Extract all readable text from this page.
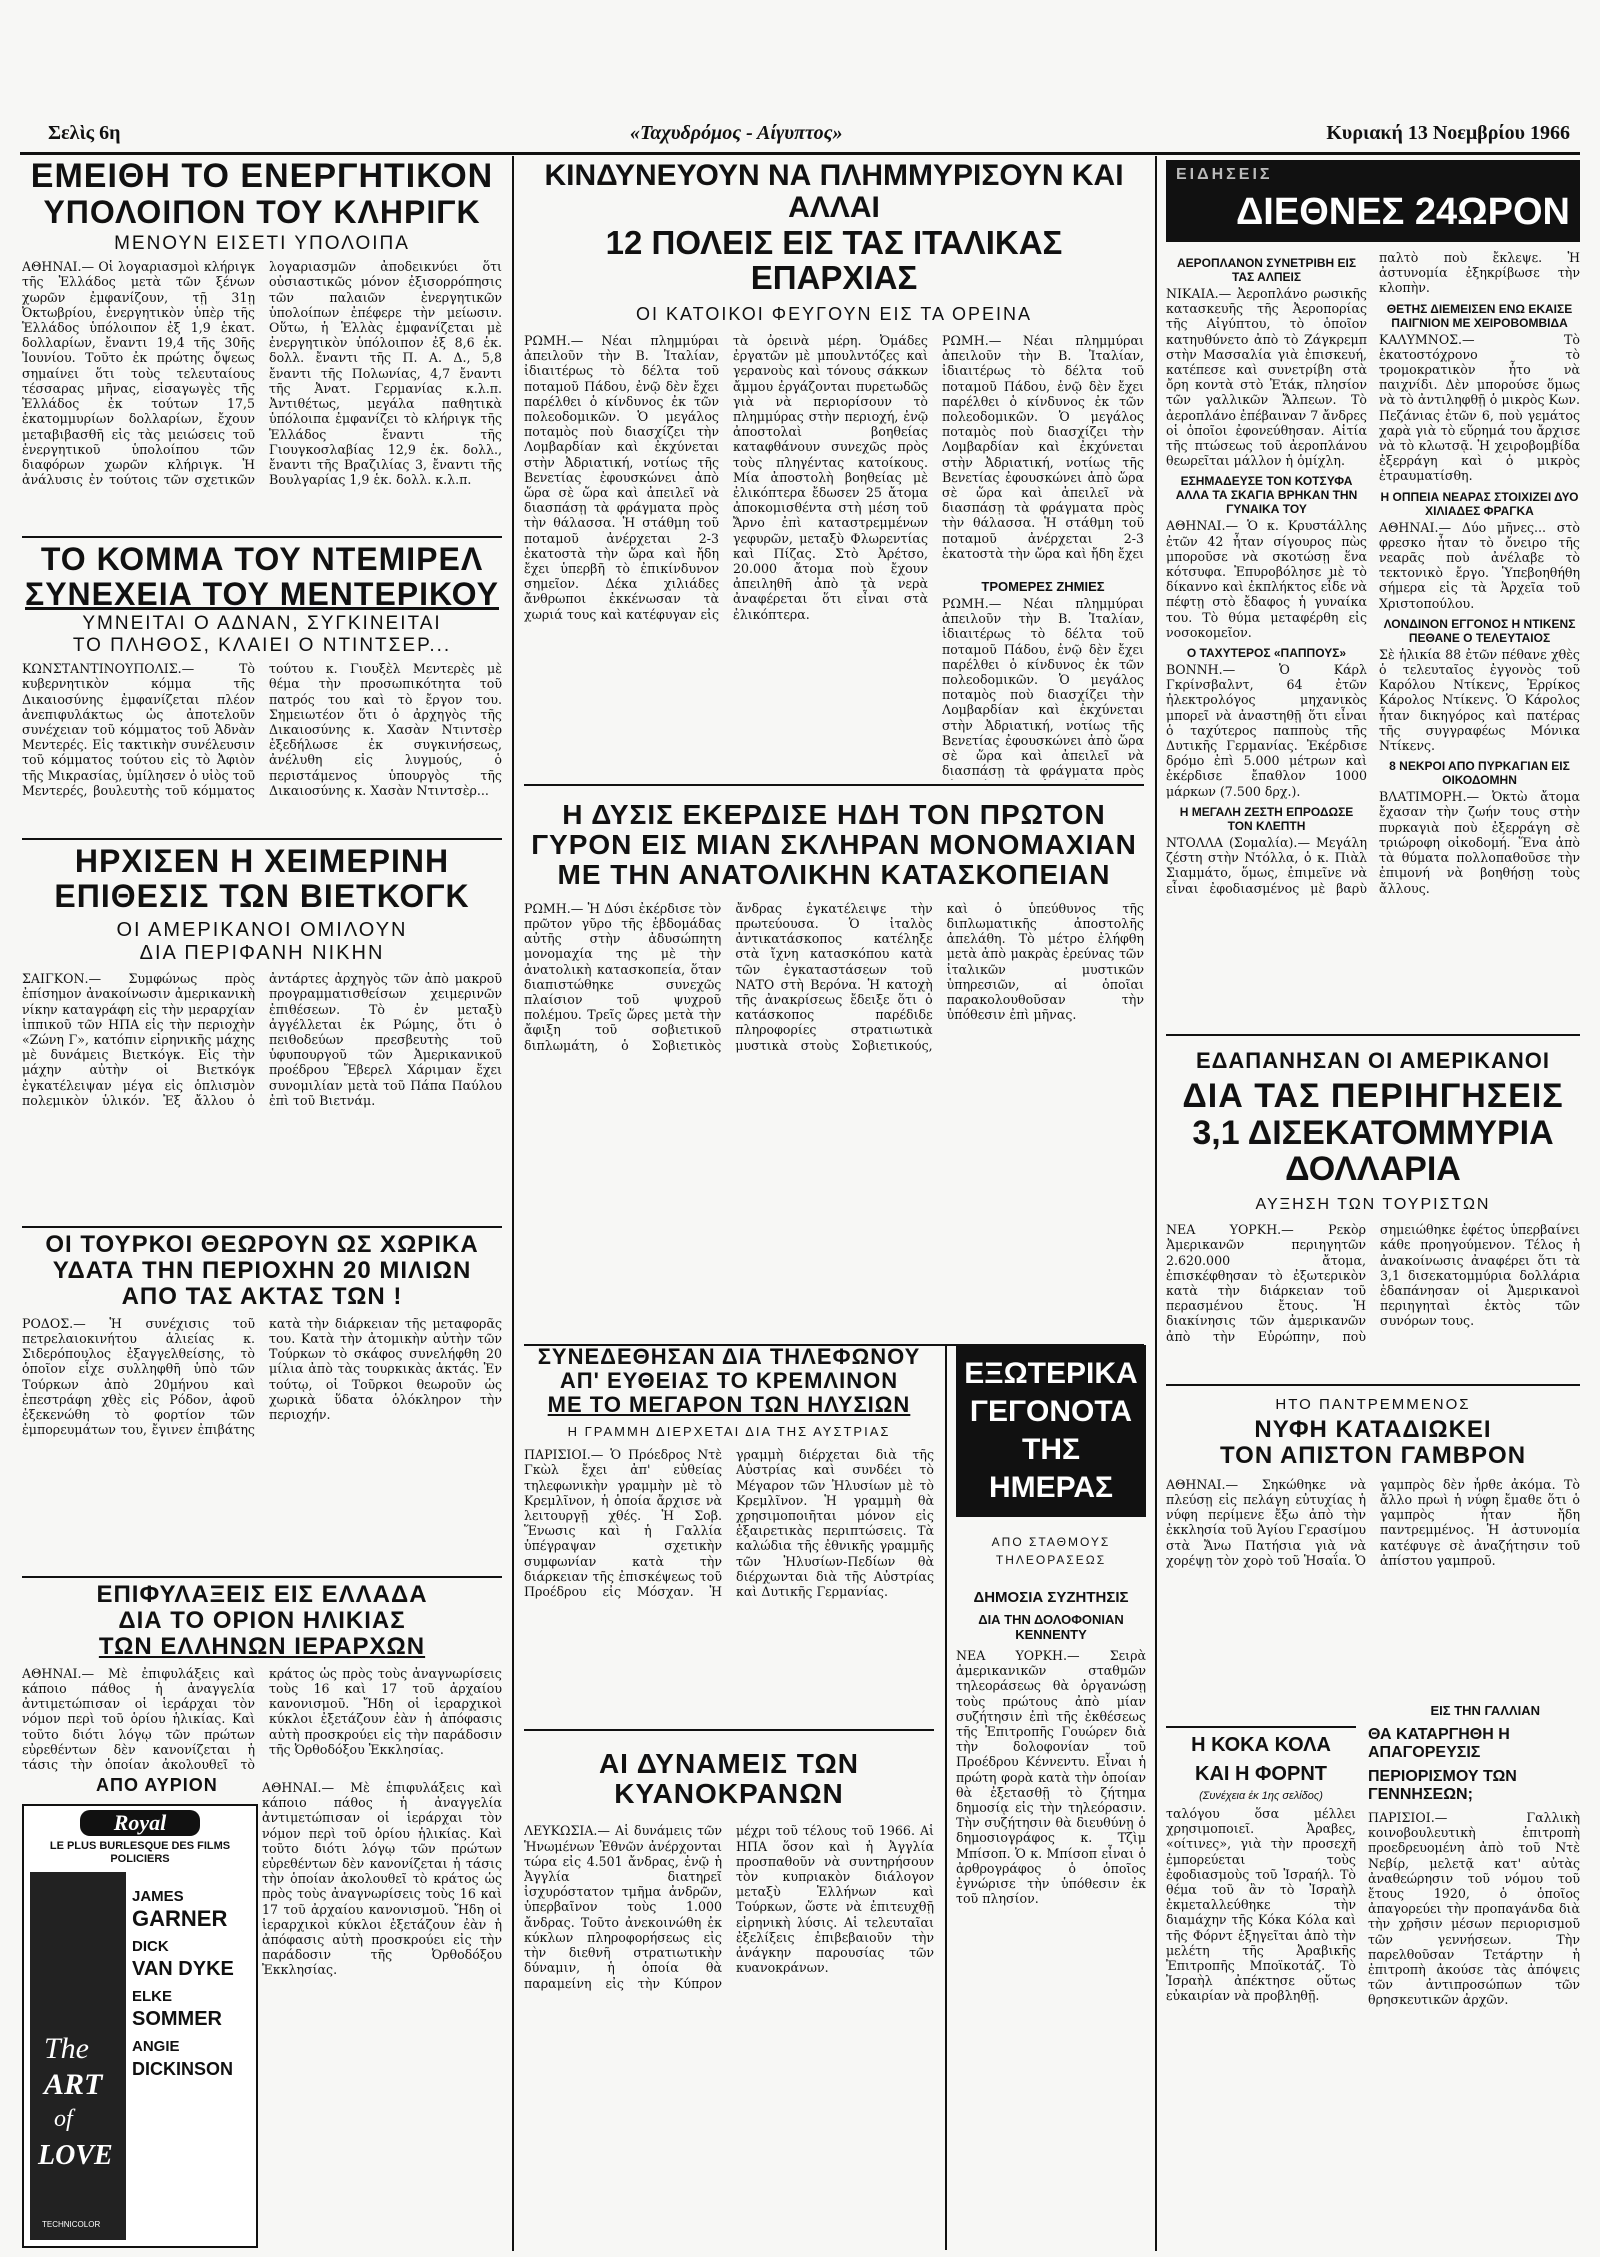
Σελὶς 6η	«Ταχυδρόμος - Αίγυπτος»	Κυριακή 13 Νοεμβρίου 1966
ΕΜΕΙΘΗ ΤΟ ΕΝΕΡΓΗΤΙΚΟΝ
ΥΠΟΛΟΙΠΟΝ ΤΟΥ ΚΛΗΡΙΓΚ
ΜΕΝΟΥΝ ΕΙΣΕΤΙ ΥΠΟΛΟΙΠΑ

ΑΘΗΝΑΙ.— Οἱ λογαριασμοὶ κλήριγκ τῆς Ἑλλάδος μετὰ τῶν ξένων χωρῶν ἐμφανίζουν, τῇ 31ῃ Ὀκτωβρίου, ἐνεργητικὸν ὑπὲρ τῆς Ἑλλάδος ὑπόλοιπον ἐξ 1,9 ἑκατ. δολλαρίων, ἔναντι 19,4 τῆς 30ῆς Ἰουνίου. Τοῦτο ἐκ πρώτης ὄψεως σημαίνει ὅτι τοὺς τελευταίους τέσσαρας μῆνας, εἰσαγωγὲς τῆς Ἑλλάδος ἐκ τούτων 17,5 ἑκατομμυρίων δολλαρίων, ἔχουν μεταβιβασθῆ εἰς τὰς μειώσεις τοῦ ἐνεργητικοῦ ὑπολοίπου τῶν διαφόρων χωρῶν κλήριγκ. Ἡ ἀνάλυσις ἐν τούτοις τῶν σχετικῶν λογαριασμῶν ἀποδεικνύει ὅτι οὐσιαστικῶς μόνον ἐξισορρόπησις τῶν παλαιῶν ἐνεργητικῶν ὑπολοίπων ἐπέφερε τὴν μείωσιν. Οὕτω, ἡ Ἑλλὰς ἐμφανίζεται μὲ ἐνεργητικὸν ὑπόλοιπον ἐξ 8,6 ἑκ. δολλ. ἔναντι τῆς Π. Α. Δ., 5,8 ἔναντι τῆς Πολωνίας, 4,7 ἔναντι τῆς Ἀνατ. Γερμανίας κ.λ.π. Ἀντιθέτως, μεγάλα παθητικὰ ὑπόλοιπα ἐμφανίζει τὸ κλήριγκ τῆς Ἑλλάδος ἔναντι τῆς Γιουγκοσλαβίας 12,9 ἑκ. δολλ., ἔναντι τῆς Βραζιλίας 3, ἔναντι τῆς Βουλγαρίας 1,9 ἑκ. δολλ. κ.λ.π.

ΤΟ ΚΟΜΜΑ ΤΟΥ ΝΤΕΜΙΡΕΛ
ΣΥΝΕΧΕΙΑ ΤΟΥ ΜΕΝΤΕΡΙΚΟΥ
ΥΜΝΕΙΤΑΙ Ο ΑΔΝΑΝ, ΣΥΓΚΙΝΕΙΤΑΙ
ΤΟ ΠΛΗΘΟΣ, ΚΛΑΙΕΙ Ο ΝΤΙΝΤΣΕΡ...

ΚΩΝΣΤΑΝΤΙΝΟΥΠΟΛΙΣ.— Τὸ κυβερνητικὸν κόμμα τῆς Δικαιοσύνης ἐμφανίζεται πλέον ἀνεπιφυλάκτως ὡς ἀποτελοῦν συνέχειαν τοῦ κόμματος τοῦ Ἀδνὰν Μεντερές. Εἰς τακτικὴν συνέλευσιν τοῦ κόμματος τούτου εἰς τὸ Ἀφιὸν τῆς Μικρασίας, ὑμίλησεν ὁ υἱὸς τοῦ Μεντερές, βουλευτὴς τοῦ κόμματος τούτου κ. Γιουξὲλ Μεντερὲς μὲ θέμα τὴν προσωπικότητα τοῦ πατρός του καὶ τὸ ἔργον του. Σημειωτέον ὅτι ὁ ἀρχηγὸς τῆς Δικαιοσύνης κ. Χασὰν Ντιντσὲρ ἐξεδήλωσε ἐκ συγκινήσεως, ἀνέλυθη εἰς λυγμούς, ὁ περιστάμενος ὑπουργὸς τῆς Δικαιοσύνης κ. Χασὰν Ντιντσὲρ...

ΗΡΧΙΣΕΝ Η ΧΕΙΜΕΡΙΝΗ
ΕΠΙΘΕΣΙΣ ΤΩΝ ΒΙΕΤΚΟΓΚ
ΟΙ ΑΜΕΡΙΚΑΝΟΙ ΟΜΙΛΟΥΝ
ΔΙΑ ΠΕΡΙΦΑΝΗ ΝΙΚΗΝ

ΣΑΙΓΚΟΝ.— Συμφώνως πρὸς ἐπίσημον ἀνακοίνωσιν ἀμερικανικὴ νίκην καταγράφη εἰς τὴν μεραρχίαν ἱππικοῦ τῶν ΗΠΑ εἰς τὴν περιοχὴν «Ζώνη Γ», κατόπιν εἰρηνικῆς μάχης μὲ δυνάμεις Βιετκόγκ. Εἰς τὴν μάχην αὐτὴν οἱ Βιετκόγκ ἐγκατέλειψαν μέγα εἰς ὁπλισμὸν πολεμικὸν ὑλικόν. Ἐξ ἄλλου ὁ ἀντάρτες ἀρχηγὸς τῶν ἀπὸ μακροῦ προγραμματισθείσων χειμερινῶν ἐπιθέσεων. Τὸ ἐν μεταξὺ ἀγγέλλεται ἐκ Ρώμης, ὅτι ὁ πειθοδεύων πρεσβευτὴς τοῦ ὑφυπουργοῦ τῶν Ἀμερικανικοῦ προέδρου Ἔβερελ Χάριμαν ἔχει συνομιλίαν μετὰ τοῦ Πάπα Παύλου ἐπὶ τοῦ Βιετνάμ.

ΟΙ ΤΟΥΡΚΟΙ ΘΕΩΡΟΥΝ ΩΣ ΧΩΡΙΚΑ
ΥΔΑΤΑ ΤΗΝ ΠΕΡΙΟΧΗΝ 20 ΜΙΛΙΩΝ
ΑΠΟ ΤΑΣ ΑΚΤΑΣ ΤΩΝ !

ΡΟΔΟΣ.— Ἡ συνέχισις τοῦ πετρελαιοκινήτου ἁλιείας κ. Σιδερόπουλος ἐξαγγελθείσης, τὸ ὁποῖον εἶχε συλληφθῆ ὑπὸ τῶν Τούρκων ἀπὸ 20μήνου καὶ ἐπεστράφη χθὲς εἰς Ρόδον, ἀφοῦ ἐξεκενώθη τὸ φορτίον τῶν ἐμπορευμάτων του, ἔγινεν ἐπιβάτης κατὰ τὴν διάρκειαν τῆς μεταφορᾶς του. Κατὰ τὴν ἀτομικὴν αὐτὴν τῶν Τούρκων τὸ σκάφος συνελήφθη 20 μίλια ἀπὸ τὰς τουρκικὰς ἀκτάς. Ἐν τούτῳ, οἱ Τοῦρκοι θεωροῦν ὡς χωρικὰ ὕδατα ὁλόκληρον τὴν περιοχήν.

ΕΠΙΦΥΛΑΞΕΙΣ ΕΙΣ ΕΛΛΑΔΑ
ΔΙΑ ΤΟ ΟΡΙΟΝ ΗΛΙΚΙΑΣ
ΤΩΝ ΕΛΛΗΝΩΝ ΙΕΡΑΡΧΩΝ

ΑΘΗΝΑΙ.— Μὲ ἐπιφυλάξεις καὶ κάποιο πάθος ἡ ἀναγγελία ἀντιμετώπισαν οἱ ἱεράρχαι τὸν νόμον περὶ τοῦ ὁρίου ἡλικίας. Καὶ τοῦτο διότι λόγῳ τῶν πρώτων εὐρεθέντων δὲν κανονίζεται ἡ τάσις τὴν ὁποίαν ἀκολουθεῖ τὸ κράτος ὡς πρὸς τοὺς ἀναγνωρίσεις τοὺς 16 καὶ 17 τοῦ ἀρχαίου κανονισμοῦ. Ἤδη οἱ ἱεραρχικοὶ κύκλοι ἐξετάζουν ἐὰν ἡ ἀπόφασις αὐτὴ προσκρούει εἰς τὴν παράδοσιν τῆς Ὀρθοδόξου Ἐκκλησίας.

ΑΠΟ ΑΥΡΙΟΝ
Royal
LE PLUS BURLESQUE DES FILMS POLICIERS
The
ART
of
LOVE
TECHNICOLOR
JAMES
GARNER
DICK
VAN DYKE
ELKE
SOMMER
ANGIE
DICKINSON

ΑΘΗΝΑΙ.— Μὲ ἐπιφυλάξεις καὶ κάποιο πάθος ἡ ἀναγγελία ἀντιμετώπισαν οἱ ἱεράρχαι τὸν νόμον περὶ τοῦ ὁρίου ἡλικίας. Καὶ τοῦτο διότι λόγῳ τῶν πρώτων εὐρεθέντων δὲν κανονίζεται ἡ τάσις τὴν ὁποίαν ἀκολουθεῖ τὸ κράτος ὡς πρὸς τοὺς ἀναγνωρίσεις τοὺς 16 καὶ 17 τοῦ ἀρχαίου κανονισμοῦ. Ἤδη οἱ ἱεραρχικοὶ κύκλοι ἐξετάζουν ἐὰν ἡ ἀπόφασις αὐτὴ προσκρούει εἰς τὴν παράδοσιν τῆς Ὀρθοδόξου Ἐκκλησίας.

ΚΙΝΔΥΝΕΥΟΥΝ ΝΑ ΠΛΗΜΜΥΡΙΣΟΥΝ ΚΑΙ ΑΛΛΑΙ
12 ΠΟΛΕΙΣ ΕΙΣ ΤΑΣ ΙΤΑΛΙΚΑΣ ΕΠΑΡΧΙΑΣ
ΟΙ ΚΑΤΟΙΚΟΙ ΦΕΥΓΟΥΝ ΕΙΣ ΤΑ ΟΡΕΙΝΑ

ΡΩΜΗ.— Νέαι πλημμύραι ἀπειλοῦν τὴν Β. Ἰταλίαν, ἰδιαιτέρως τὸ δέλτα τοῦ ποταμοῦ Πάδου, ἐνῷ δὲν ἔχει παρέλθει ὁ κίνδυνος ἐκ τῶν πολεοδομικῶν. Ὁ μεγάλος ποταμὸς ποὺ διασχίζει τὴν Λομβαρδίαν καὶ ἐκχύνεται στὴν Ἀδριατική, νοτίως τῆς Βενετίας ἐφουσκώνει ἀπὸ ὥρα σὲ ὥρα καὶ ἀπειλεῖ νὰ διασπάσῃ τὰ φράγματα πρὸς τὴν θάλασσα. Ἡ στάθμη τοῦ ποταμοῦ ἀνέρχεται 2-3 ἑκατοστὰ τὴν ὥρα καὶ ἤδη ἔχει ὑπερβῆ τὸ ἐπικίνδυνον σημεῖον. Δέκα χιλιάδες ἄνθρωποι ἐκκένωσαν τὰ χωριά τους καὶ κατέφυγαν εἰς τὰ ὀρεινὰ μέρη. Ὀμάδες ἐργατῶν μὲ μπουλντόζες καὶ γερανοὺς καὶ τόνους σάκκων ἄμμου ἐργάζονται πυρετωδῶς γιὰ νὰ περιορίσουν τὸ πλημμύρας στὴν περιοχή, ἐνῷ ἀποστολαὶ βοηθείας καταφθάνουν συνεχῶς πρὸς τοὺς πληγέντας κατοίκους. Μία ἀποστολὴ βοηθείας μὲ ἐλικόπτερα ἔδωσεν 25 ἄτομα ἀποκομισθέντα στὴ μέση τοῦ Ἄρνο ἐπὶ καταστρεμμένων γεφυρῶν, μεταξὺ Φλωρεντίας καὶ Πίζας. Στὸ Ἀρέτσο, 20.000 ἄτομα ποὺ ἔχουν ἀπειληθῆ ἀπὸ τὰ νερὰ ἀναφέρεται ὅτι εἶναι στὰ ἐλικόπτερα.

ΡΩΜΗ.— Νέαι πλημμύραι ἀπειλοῦν τὴν Β. Ἰταλίαν, ἰδιαιτέρως τὸ δέλτα τοῦ ποταμοῦ Πάδου, ἐνῷ δὲν ἔχει παρέλθει ὁ κίνδυνος ἐκ τῶν πολεοδομικῶν. Ὁ μεγάλος ποταμὸς ποὺ διασχίζει τὴν Λομβαρδίαν καὶ ἐκχύνεται στὴν Ἀδριατική, νοτίως τῆς Βενετίας ἐφουσκώνει ἀπὸ ὥρα σὲ ὥρα καὶ ἀπειλεῖ νὰ διασπάσῃ τὰ φράγματα πρὸς τὴν θάλασσα. Ἡ στάθμη τοῦ ποταμοῦ ἀνέρχεται 2-3 ἑκατοστὰ τὴν ὥρα καὶ ἤδη ἔχει

ΤΡΟΜΕΡΕΣ ΖΗΜΙΕΣ

ΡΩΜΗ.— Νέαι πλημμύραι ἀπειλοῦν τὴν Β. Ἰταλίαν, ἰδιαιτέρως τὸ δέλτα τοῦ ποταμοῦ Πάδου, ἐνῷ δὲν ἔχει παρέλθει ὁ κίνδυνος ἐκ τῶν πολεοδομικῶν. Ὁ μεγάλος ποταμὸς ποὺ διασχίζει τὴν Λομβαρδίαν καὶ ἐκχύνεται στὴν Ἀδριατική, νοτίως τῆς Βενετίας ἐφουσκώνει ἀπὸ ὥρα σὲ ὥρα καὶ ἀπειλεῖ νὰ διασπάσῃ τὰ φράγματα πρὸς

Η ΔΥΣΙΣ ΕΚΕΡΔΙΣΕ ΗΔΗ ΤΟΝ ΠΡΩΤΟΝ
ΓΥΡΟΝ ΕΙΣ ΜΙΑΝ ΣΚΛΗΡΑΝ ΜΟΝΟΜΑΧΙΑΝ
ΜΕ ΤΗΝ ΑΝΑΤΟΛΙΚΗΝ ΚΑΤΑΣΚΟΠΕΙΑΝ

ΡΩΜΗ.— Ἡ Δύσι ἐκέρδισε τὸν πρῶτον γῦρο τῆς ἑβδομάδας αὐτῆς στὴν ἀδυσώπητη μονομαχία της μὲ τὴν ἀνατολικὴ κατασκοπεία, ὅταν διαπιστώθηκε συνεχῶς πλαίσιον τοῦ ψυχροῦ πολέμου. Τρεῖς ὥρες μετὰ τὴν ἄφιξη τοῦ σοβιετικοῦ διπλωμάτη, ὁ Σοβιετικὸς ἄνδρας ἐγκατέλειψε τὴν πρωτεύουσα. Ὁ ἰταλὸς ἀντικατάσκοπος κατέληξε στὰ ἴχνη κατασκόπου κατὰ τῶν ἐγκαταστάσεων τοῦ ΝΑΤΟ στὴ Βερόνα. Ἡ κατοχὴ τῆς ἀνακρίσεως ἔδειξε ὅτι ὁ κατάσκοπος παρέδιδε πληροφορίες στρατιωτικὰ μυστικὰ στοὺς Σοβιετικούς, καὶ ὁ ὑπεύθυνος τῆς διπλωματικῆς ἀποστολῆς ἀπελάθη. Τὸ μέτρο ἐλήφθη μετὰ ἀπὸ μακρὰς ἐρεύνας τῶν ἰταλικῶν μυστικῶν ὑπηρεσιῶν, αἱ ὁποῖαι παρακολουθοῦσαν τὴν ὑπόθεσιν ἐπὶ μῆνας.

ΣΥΝΕΔΕΘΗΣΑΝ ΔΙΑ ΤΗΛΕΦΩΝΟΥ
ΑΠ' ΕΥΘΕΙΑΣ ΤΟ ΚΡΕΜΛΙΝΟΝ
ΜΕ ΤΟ ΜΕΓΑΡΟΝ ΤΩΝ ΗΛΥΣΙΩΝ
Η ΓΡΑΜΜΗ ΔΙΕΡΧΕΤΑΙ ΔΙΑ ΤΗΣ ΑΥΣΤΡΙΑΣ

ΠΑΡΙΣΙΟΙ.— Ὁ Πρόεδρος Ντὲ Γκὼλ ἔχει ἀπ' εὐθείας τηλεφωνικὴν γραμμὴν μὲ τὸ Κρεμλῖνον, ἡ ὁποία ἄρχισε νὰ λειτουργῇ χθές. Ἡ Σοβ. Ἕνωσις καὶ ἡ Γαλλία ὑπέγραψαν σχετικὴν συμφωνίαν κατὰ τὴν διάρκειαν τῆς ἐπισκέψεως τοῦ Προέδρου εἰς Μόσχαν. Ἡ γραμμὴ διέρχεται διὰ τῆς Αὐστρίας καὶ συνδέει τὸ Μέγαρον τῶν Ἠλυσίων μὲ τὸ Κρεμλῖνον. Ἡ γραμμὴ θὰ χρησιμοποιῆται μόνον εἰς ἐξαιρετικὰς περιπτώσεις. Τὰ καλώδια τῆς ἐθνικῆς γραμμῆς τῶν Ἠλυσίων-Πεδίων θὰ διέρχωνται διὰ τῆς Αὐστρίας καὶ Δυτικῆς Γερμανίας.

ΑΙ ΔΥΝΑΜΕΙΣ ΤΩΝ ΚΥΑΝΟΚΡΑΝΩΝ

ΛΕΥΚΩΣΙΑ.— Αἱ δυνάμεις τῶν Ἡνωμένων Ἐθνῶν ἀνέρχονται τώρα εἰς 4.501 ἄνδρας, ἐνῷ ἡ Ἀγγλία διατηρεῖ ἰσχυρόστατον τμῆμα ἀνδρῶν, ὑπερβαῖνον τοὺς 1.000 ἄνδρας. Τοῦτο ἀνεκοινώθη ἐκ κύκλων πληροφορήσεως εἰς τὴν διεθνῆ στρατιωτικὴν δύναμιν, ἡ ὁποία θὰ παραμείνη εἰς τὴν Κύπρον μέχρι τοῦ τέλους τοῦ 1966. Αἱ ΗΠΑ ὅσον καὶ ἡ Ἀγγλία προσπαθοῦν νὰ συντηρήσουν τὸν κυπριακὸν διάλογον μεταξὺ Ἑλλήνων καὶ Τούρκων, ὥστε νὰ ἐπιτευχθῇ εἰρηνικὴ λύσις. Αἱ τελευταῖαι ἐξελίξεις ἐπιβεβαιοῦν τὴν ἀνάγκην παρουσίας τῶν κυανοκράνων.

ΕΞΩΤΕΡΙΚΑ
ΓΕΓΟΝΟΤΑ
ΤΗΣ ΗΜΕΡΑΣ
ΑΠΟ ΣΤΑΘΜΟΥΣ
ΤΗΛΕΟΡΑΣΕΩΣ
ΔΗΜΟΣΙΑ ΣΥΖΗΤΗΣΙΣ
ΔΙΑ ΤΗΝ ΔΟΛΟΦΟΝΙΑΝ ΚΕΝΝΕΝΤΥ

ΝΕΑ ΥΟΡΚΗ.— Σειρὰ ἀμερικανικῶν σταθμῶν τηλεοράσεως θὰ ὀργανώσῃ τοὺς πρώτους ἀπὸ μίαν συζήτησιν ἐπὶ τῆς ἐκθέσεως τῆς Ἐπιτροπῆς Γουώρεν διὰ τὴν δολοφονίαν τοῦ Προέδρου Κέννεντυ. Εἶναι ἡ πρώτη φορὰ κατὰ τὴν ὁποίαν θὰ ἐξετασθῇ τὸ ζήτημα δημοσίᾳ εἰς τὴν τηλεόρασιν. Τὴν συζήτησιν θὰ διευθύνῃ ὁ δημοσιογράφος κ. Τζὶμ Μπίσοπ. Ὁ κ. Μπίσοπ εἶναι ὁ ἀρθρογράφος ὁ ὁποῖος ἐγνώρισε τὴν ὑπόθεσιν ἐκ τοῦ πλησίον.

ΕΙΔΗΣΕΙΣ
ΔΙΕΘΝΕΣ 24ΩΡΟΝ
ΑΕΡΟΠΛΑΝΟΝ ΣΥΝΕΤΡΙΒΗ ΕΙΣ ΤΑΣ ΑΛΠΕΙΣ

ΝΙΚΑΙΑ.— Ἀεροπλάνο ρωσικῆς κατασκευῆς τῆς Ἀεροπορίας τῆς Αἰγύπτου, τὸ ὁποῖον κατηυθύνετο ἀπὸ τὸ Ζάγκρεμπ στὴν Μασσαλία γιὰ ἐπισκευή, κατέπεσε καὶ συνετρίβη στὰ ὄρη κοντὰ στὸ Ἐτάκ, πλησίον τῶν γαλλικῶν Ἄλπεων. Τὸ ἀεροπλάνο ἐπέβαιναν 7 ἄνδρες οἱ ὁποῖοι ἐφονεύθησαν. Αἰτία τῆς πτώσεως τοῦ ἀεροπλάνου θεωρεῖται μάλλον ἡ ὁμίχλη.

ΕΣΗΜΑΔΕΥΣΕ ΤΟΝ ΚΟΤΣΥΦΑ ΑΛΛΑ ΤΑ ΣΚΑΓΙΑ ΒΡΗΚΑΝ ΤΗΝ ΓΥΝΑΙΚΑ ΤΟΥ

ΑΘΗΝΑΙ.— Ὁ κ. Κρυστάλλης ἐτῶν 42 ἦταν σίγουρος πὼς μποροῦσε νὰ σκοτώσῃ ἕνα κότσυφα. Ἐπυροβόλησε μὲ τὸ δίκαννο καὶ ἐκπλήκτος εἶδε νὰ πέφτῃ στὸ ἔδαφος ἡ γυναίκα του. Τὸ θύμα μεταφέρθη εἰς νοσοκομεῖον.

Ο ΤΑΧΥΤΕΡΟΣ «ΠΑΠΠΟΥΣ»

ΒΟΝΝΗ.— Ὁ Κάρλ Γκρίνσβαλντ, 64 ἐτῶν ἠλεκτρολόγος μηχανικὸς μπορεῖ νὰ ἀναστηθῇ ὅτι εἶναι ὁ ταχύτερος παπποὺς τῆς Δυτικῆς Γερμανίας. Ἐκέρδισε δρόμο ἐπὶ 5.000 μέτρων καὶ ἐκέρδισε ἔπαθλον 1000 μάρκων (7.500 δρχ.).

Η ΜΕΓΑΛΗ ΖΕΣΤΗ ΕΠΡΟΔΩΣΕ ΤΟΝ ΚΛΕΠΤΗ

ΝΤΟΛΛΑ (Σομαλία).— Μεγάλη ζέστη στὴν Ντόλλα, ὁ κ. Πιὰλ Σιαμμάτο, ὅμως, ἐπιμεῖνε νὰ εἶναι ἐφοδιασμένος μὲ βαρὺ παλτὸ ποὺ ἔκλεψε. Ἡ ἀστυνομία ἐξηκρίβωσε τὴν κλοπὴν.

ΘΕΤΗΣ ΔΙΕΜΕΙΣΕΝ ΕΝΩ ΕΚΑΙΣΕ ΠΑΙΓΝΙΟΝ ΜΕ ΧΕΙΡΟΒΟΜΒΙΔΑ

ΚΑΛΥΜΝΟΣ.— Τὸ ἑκατοστόχρονο τὸ τρομοκρατικὸν ἦτο νὰ παιχνίδι. Δὲν μπορούσε ὅμως νὰ τὸ ἀντιληφθῇ ὁ μικρὸς Κων. Πεζάνιας ἐτῶν 6, ποὺ γεμάτος χαρὰ γιὰ τὸ εὕρημά του ἄρχισε νὰ τὸ κλωτσᾷ. Ἡ χειροβομβίδα ἐξερράγη καὶ ὁ μικρὸς ἐτραυματίσθη.

Η ΟΠΠΕΙΑ ΝΕΑΡΑΣ ΣΤΟΙΧΙΖΕΙ ΔΥΟ ΧΙΛΙΑΔΕΣ ΦΡΑΓΚΑ

ΑΘΗΝΑΙ.— Δύο μῆνες... στὸ φρεσκο ἦταν τὸ ὄνειρο τῆς νεαρᾶς ποὺ ἀνέλαβε τὸ τεκτονικὸ ἔργο. Ὑπεβοηθήθη σήμερα εἰς τὰ Ἀρχεῖα τοῦ Χριστοπούλου.

ΛΟΝΔΙΝΟΝ ΕΓΓΟΝΟΣ Η ΝΤΙΚΕΝΣ ΠΕΘΑΝΕ Ο ΤΕΛΕΥΤΑΙΟΣ

Σὲ ἡλικία 88 ἐτῶν πέθανε χθὲς ὁ τελευταῖος ἐγγονὸς τοῦ Καρόλου Ντίκενς, Ἐρρίκος Κάρολος Ντίκενς. Ὁ Κάρολος ἦταν δικηγόρος καὶ πατέρας τῆς συγγραφέως Μόνικα Ντίκενς.

8 ΝΕΚΡΟΙ ΑΠΟ ΠΥΡΚΑΓΙΑΝ ΕΙΣ ΟΙΚΟΔΟΜΗΝ

ΒΛΑΤΙΜΟΡΗ.— Ὀκτὼ ἄτομα ἔχασαν τὴν ζωήν τους στὴν πυρκαγιὰ ποὺ ἐξερράγη σὲ τριώροφη οἰκοδομή. Ἕνα ἀπὸ τὰ θύματα πολλοπαθοῦσε τὴν ἐπιμονή νὰ βοηθήσῃ τοὺς ἄλλους.

ΕΔΑΠΑΝΗΣΑΝ ΟΙ ΑΜΕΡΙΚΑΝΟΙ
ΔΙΑ ΤΑΣ ΠΕΡΙΗΓΗΣΕΙΣ
3,1 ΔΙΣΕΚΑΤΟΜΜΥΡΙΑ ΔΟΛΛΑΡΙΑ
ΑΥΞΗΣΗ ΤΩΝ ΤΟΥΡΙΣΤΩΝ

ΝΕΑ ΥΟΡΚΗ.— Ρεκὸρ Ἀμερικανῶν περιηγητῶν 2.620.000 ἄτομα, ἐπισκέφθησαν τὸ ἐξωτερικὸν κατὰ τὴν διάρκειαν τοῦ περασμένου ἔτους. Ἡ διακίνησις τῶν ἀμερικανῶν ἀπὸ τὴν Εὐρώπην, ποὺ σημειώθηκε ἐφέτος ὑπερβαίνει κάθε προηγούμενον. Τέλος ἡ ἀνακοίνωσις ἀναφέρει ὅτι τὰ 3,1 δισεκατομμύρια δολλάρια ἐδαπάνησαν οἱ Ἀμερικανοὶ περιηγηταὶ ἐκτὸς τῶν συνόρων τους.

ΗΤΟ ΠΑΝΤΡΕΜΜΕΝΟΣ
ΝΥΦΗ ΚΑΤΑΔΙΩΚΕΙ
ΤΟΝ ΑΠΙΣΤΟΝ ΓΑΜΒΡΟΝ

ΑΘΗΝΑΙ.— Σηκώθηκε νὰ πλεύσῃ εἰς πελάγη εὐτυχίας ἡ νύφη περίμενε ἔξω ἀπὸ τὴν ἐκκλησία τοῦ Ἁγίου Γερασίμου στὰ Ἄνω Πατήσια γιὰ νὰ χορέψῃ τὸν χορὸ τοῦ Ἡσαΐα. Ὁ γαμπρὸς δὲν ἦρθε ἀκόμα. Τὸ ἄλλο πρωὶ ἡ νύφη ἔμαθε ὅτι ὁ γαμπρὸς ἦταν ἤδη παντρεμμένος. Ἡ ἀστυνομία κατέφυγε σὲ ἀναζήτησιν τοῦ ἀπίστου γαμπροῦ.

ΕΙΣ ΤΗΝ ΓΑΛΛΙΑΝ
Η ΚΟΚΑ ΚΟΛΑ
ΚΑΙ Η ΦΟΡΝΤ
(Συνέχεια ἐκ 1ης σελίδος)

ταλόγου ὅσα μέλλει χρησιμοποιεῖ. Ἀραβες, «οίτινες», γιὰ τὴν προσεχῆ ἐμπορεύεται τοὺς ἐφοδιασμοὺς τοῦ Ἰσραήλ. Τὸ θέμα τοῦ ἂν τὸ Ἰσραὴλ ἐκμεταλλεύθηκε τὴν διαμάχην τῆς Κόκα Κόλα καὶ τῆς Φόρντ ἐξηγεῖται ἀπὸ τὴν μελέτη τῆς Ἀραβικῆς Ἐπιτροπῆς Μποϊκοτάζ. Τὸ Ἰσραὴλ ἀπέκτησε οὕτως εὐκαιρίαν νὰ προβληθῇ.

ΘΑ ΚΑΤΑΡΓΗΘΗ Η ΑΠΑΓΟΡΕΥΣΙΣ
ΠΕΡΙΟΡΙΣΜΟΥ ΤΩΝ ΓΕΝΝΗΣΕΩΝ;

ΠΑΡΙΣΙΟΙ.— Γαλλικὴ κοινοβουλευτικὴ ἐπιτροπὴ προεδρευομένη ἀπὸ τοῦ Ντὲ Νεβίρ, μελετᾷ κατ' αὐτὰς ἀναθεώρησιν τοῦ νόμου τοῦ ἔτους 1920, ὁ ὁποῖος ἀπαγορεύει τὴν προπαγάνδα διὰ τὴν χρῆσιν μέσων περιορισμοῦ τῶν γεννήσεων. Τὴν παρελθοῦσαν Τετάρτην ἡ ἐπιτροπὴ ἀκούσε τὰς ἀπόψεις τῶν ἀντιπροσώπων τῶν θρησκευτικῶν ἀρχῶν.
